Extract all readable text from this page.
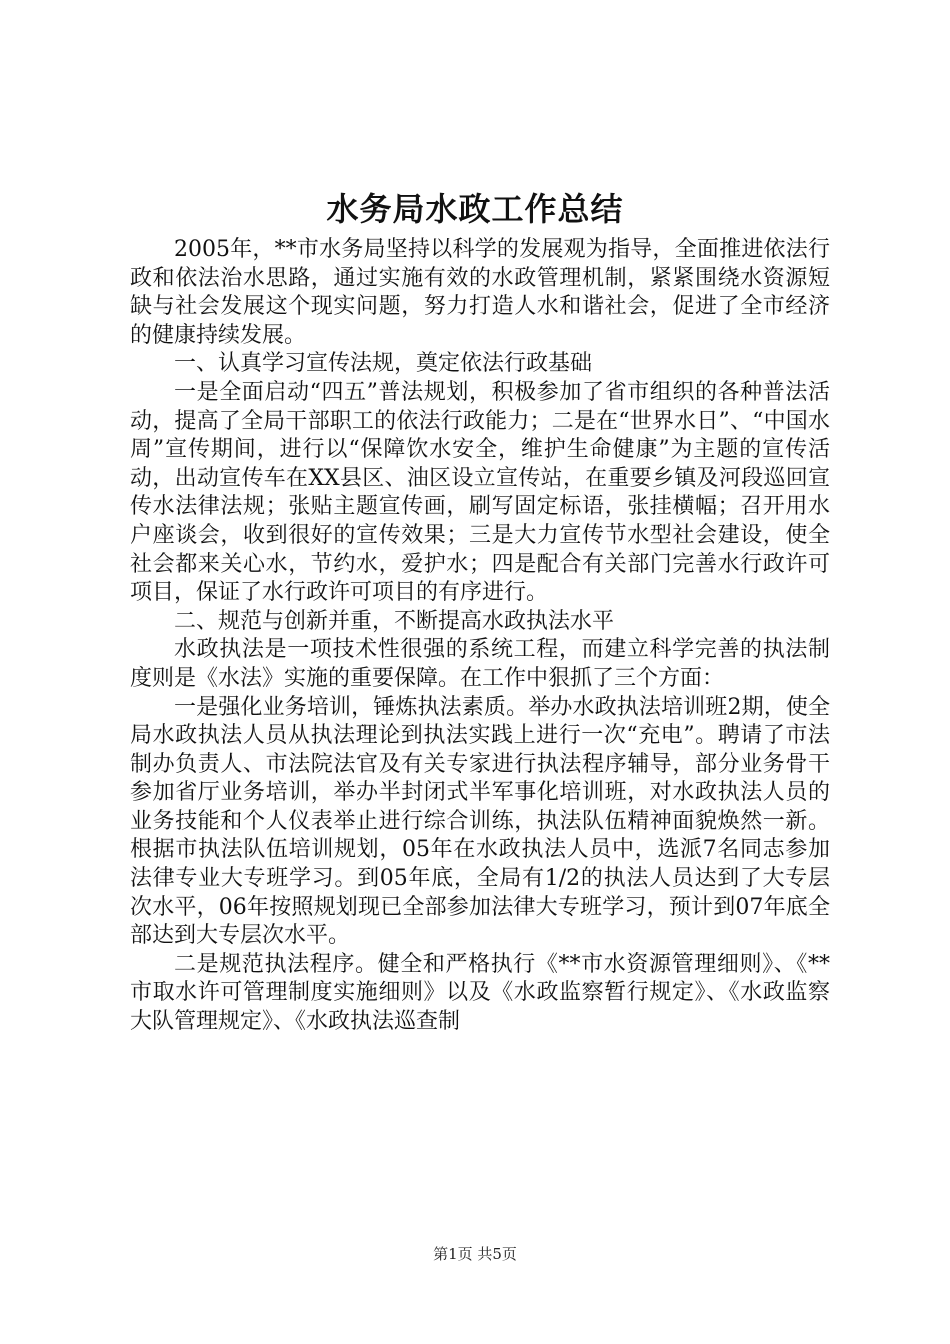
水务局水政工作总结

2005年，**市水务局坚持以科学的发展观为指导，全面推进依法行政和依法治水思路，通过实施有效的水政管理机制，紧紧围绕水资源短缺与社会发展这个现实问题，努力打造人水和谐社会，促进了全市经济的健康持续发展。

一、认真学习宣传法规，奠定依法行政基础

一是全面启动“四五”普法规划，积极参加了省市组织的各种普法活动，提高了全局干部职工的依法行政能力；二是在“世界水日”、“中国水周”宣传期间，进行以“保障饮水安全，维护生命健康”为主题的宣传活动，出动宣传车在XX县区、油区设立宣传站，在重要乡镇及河段巡回宣传水法律法规；张贴主题宣传画，刷写固定标语，张挂横幅；召开用水户座谈会，收到很好的宣传效果；三是大力宣传节水型社会建设，使全社会都来关心水，节约水，爱护水；四是配合有关部门完善水行政许可项目，保证了水行政许可项目的有序进行。

二、规范与创新并重，不断提高水政执法水平

水政执法是一项技术性很强的系统工程，而建立科学完善的执法制度则是《水法》实施的重要保障。在工作中狠抓了三个方面：

一是强化业务培训，锤炼执法素质。举办水政执法培训班2期，使全局水政执法人员从执法理论到执法实践上进行一次“充电”。聘请了市法制办负责人、市法院法官及有关专家进行执法程序辅导，部分业务骨干参加省厅业务培训，举办半封闭式半军事化培训班，对水政执法人员的业务技能和个人仪表举止进行综合训练，执法队伍精神面貌焕然一新。根据市执法队伍培训规划，05年在水政执法人员中，选派7名同志参加法律专业大专班学习。到05年底，全局有1/2的执法人员达到了大专层次水平，06年按照规划现已全部参加法律大专班学习，预计到07年底全部达到大专层次水平。

二是规范执法程序。健全和严格执行《**市水资源管理细则》、《**市取水许可管理制度实施细则》以及《水政监察暂行规定》、《水政监察大队管理规定》、《水政执法巡查制

第1页 共5页
